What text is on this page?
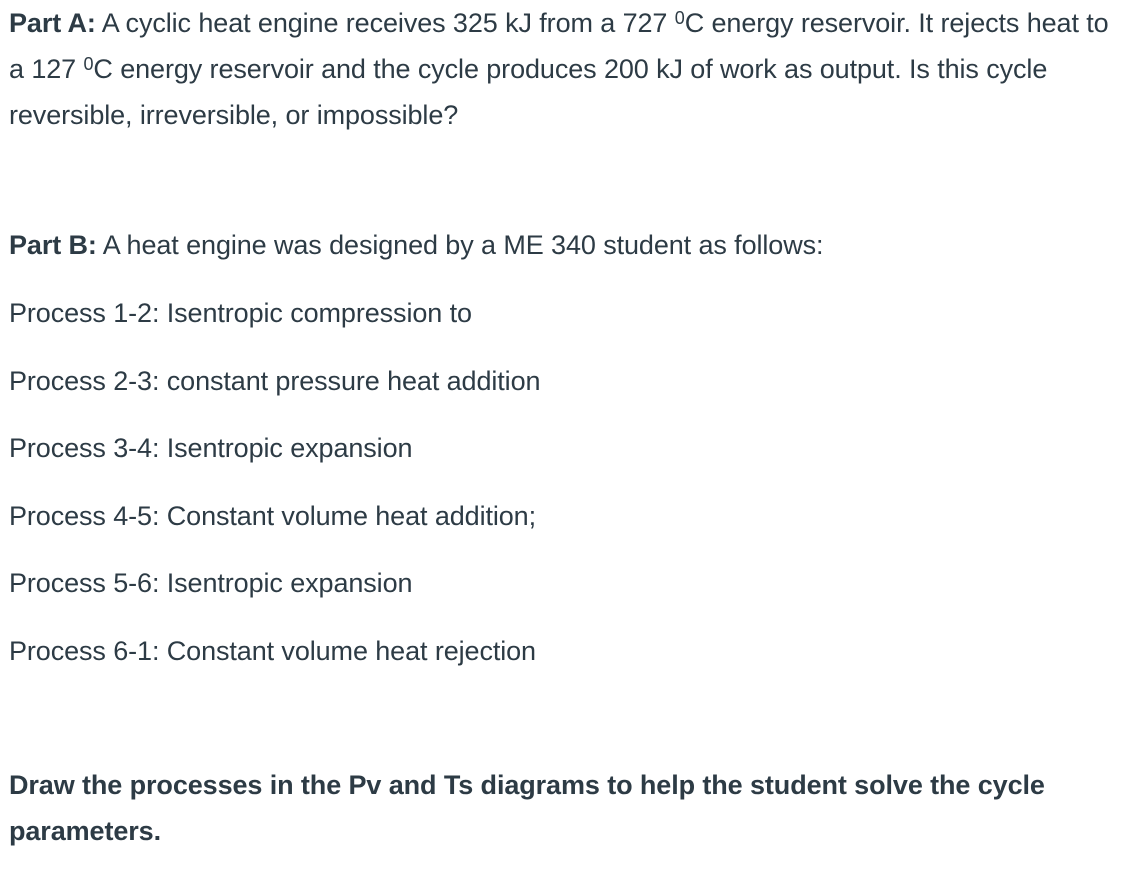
Part A: A cyclic heat engine receives 325 kJ from a 727 $^0$C energy reservoir. It rejects heat to a 127 $^0$C energy reservoir and the cycle produces 200 kJ of work as output. Is this cycle reversible, irreversible, or impossible?

Part B: A heat engine was designed by a ME 340 student as follows:

Process 1-2: Isentropic compression to

Process 2-3: constant pressure heat addition

Process 3-4: Isentropic expansion

Process 4-5: Constant volume heat addition;

Process 5-6: Isentropic expansion

Process 6-1: Constant volume heat rejection

Draw the processes in the Pv and Ts diagrams to help the student solve the cycle parameters.
